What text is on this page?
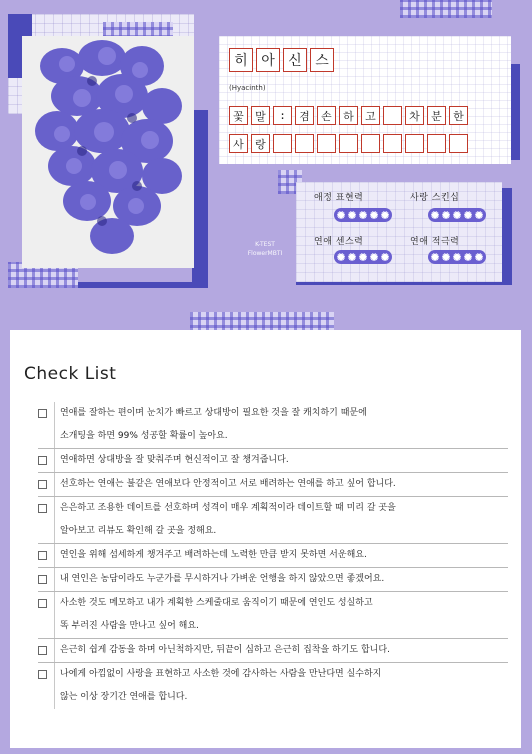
히 아 신 스
(Hyacinth)
꽃	말	:	겸	손	하	고	차	분	한
사	랑
애정 표현력	사랑 스킨십
연애 센스력	연애 적극력
K-TEST
FlowerMBTI
Check List
연애를 잘하는 편이며 눈치가 빠르고 상대방이 필요한 것을 잘 캐치하기 때문에
소개팅을 하면 99% 성공할 확률이 높아요.
연애하면 상대방을 잘 맞춰주며 현신적이고 잘 챙겨줍니다.
선호하는 연애는 불같은 연애보다 안정적이고 서로 배려하는 연애를 하고 싶어 합니다.
은은하고 조용한 데이트를 선호하며 성격이 매우 계획적이라 데이트할 때 미리 갈 곳을
알아보고 리뷰도 확인해 갈 곳을 정해요.
연인을 위해 섬세하게 챙겨주고 배려하는데 노력한 만큼 받지 못하면 서운해요.
내 연인은 농담이라도 누군가를 무시하거나 가벼운 언행을 하지 않았으면 좋겠어요.
사소한 것도 메모하고 내가 계획한 스케줄대로 움직이기 때문에 연인도 성실하고
똑 부러진 사람을 만나고 싶어 해요.
은근히 쉽게 감동을 하며 아닌척하지만, 뒤끝이 심하고 은근히 집착을 하기도 합니다.
나에게 아낌없이 사랑을 표현하고 사소한 것에 감사하는 사람을 만난다면 실수하지
않는 이상 장기간 연애를 합니다.
